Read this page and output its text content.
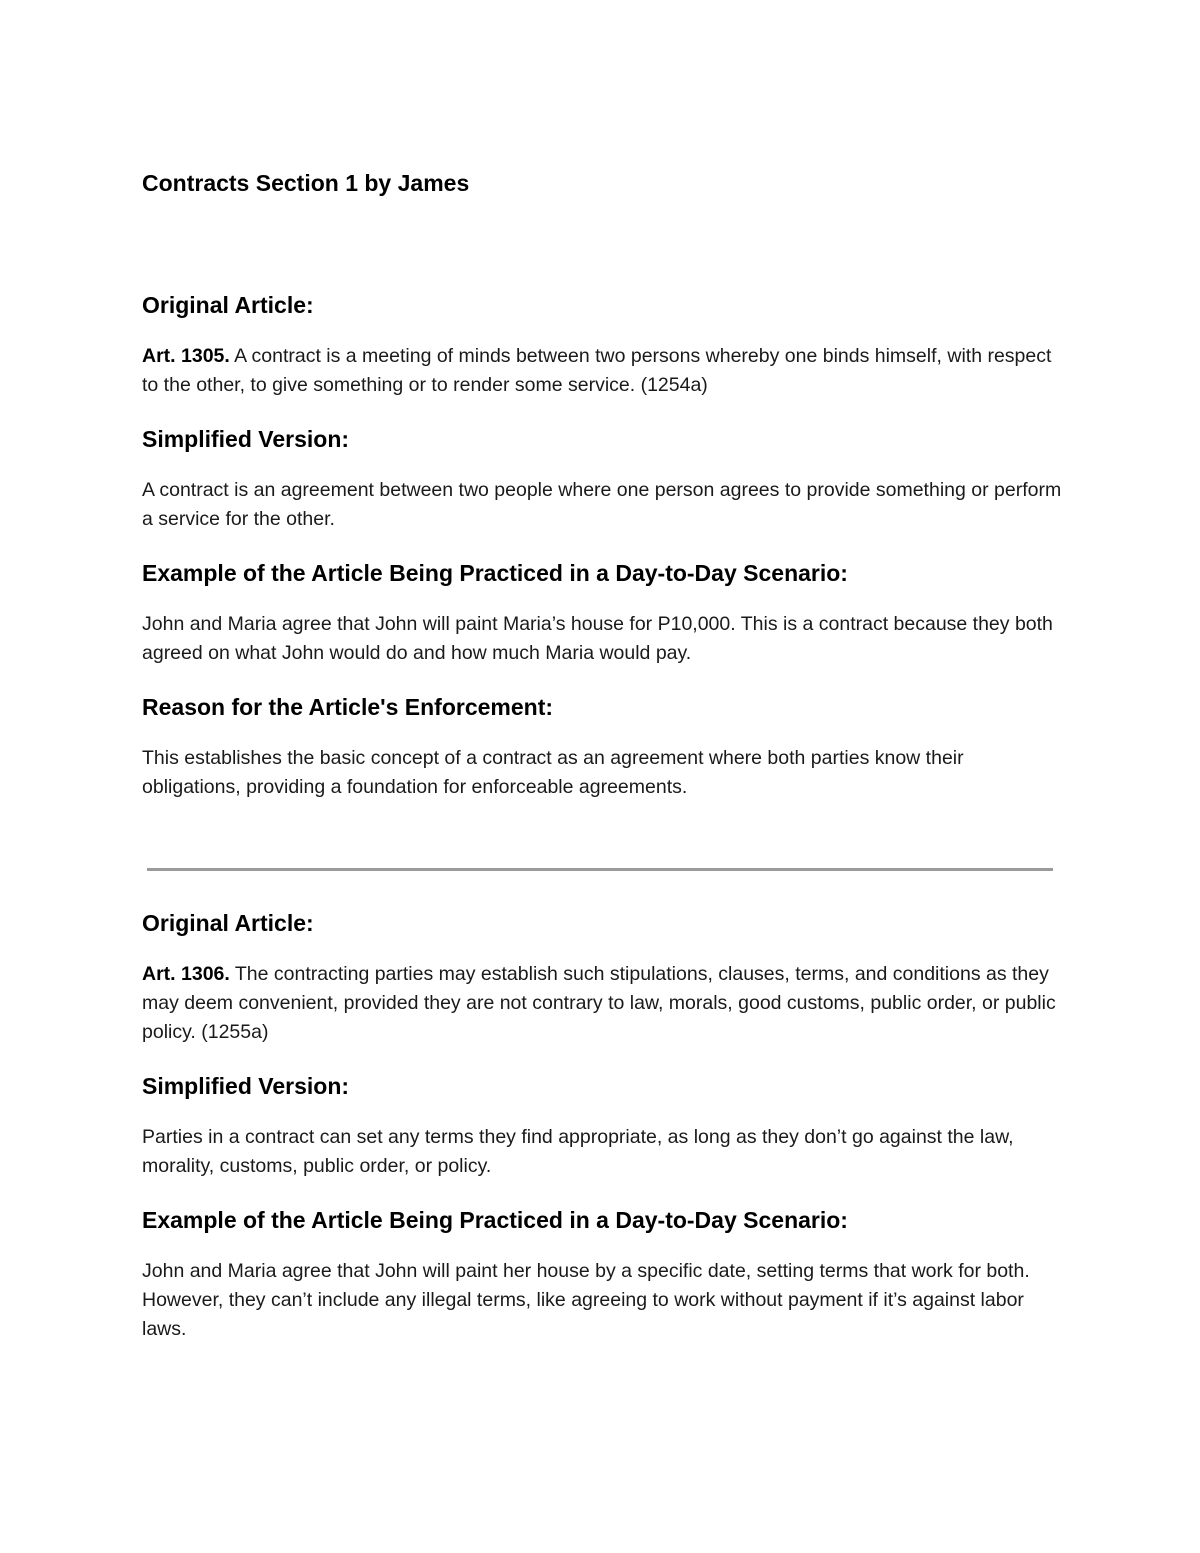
Contracts Section 1 by James
Original Article:

Art. 1305. A contract is a meeting of minds between two persons whereby one binds himself, with respect to the other, to give something or to render some service. (1254a)

Simplified Version:

A contract is an agreement between two people where one person agrees to provide something or perform a service for the other.

Example of the Article Being Practiced in a Day-to-Day Scenario:

John and Maria agree that John will paint Maria’s house for P10,000. This is a contract because they both agreed on what John would do and how much Maria would pay.

Reason for the Article's Enforcement:

This establishes the basic concept of a contract as an agreement where both parties know their obligations, providing a foundation for enforceable agreements.

Original Article:

Art. 1306. The contracting parties may establish such stipulations, clauses, terms, and conditions as they may deem convenient, provided they are not contrary to law, morals, good customs, public order, or public policy. (1255a)

Simplified Version:

Parties in a contract can set any terms they find appropriate, as long as they don’t go against the law, morality, customs, public order, or policy.

Example of the Article Being Practiced in a Day-to-Day Scenario:

John and Maria agree that John will paint her house by a specific date, setting terms that work for both. However, they can’t include any illegal terms, like agreeing to work without payment if it’s against labor laws.
